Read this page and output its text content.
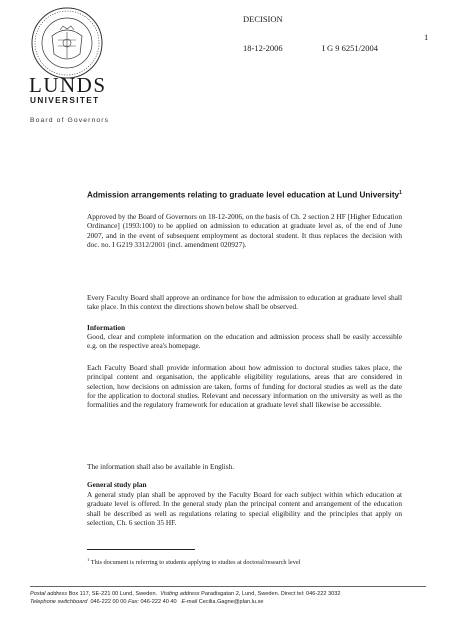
LUNDS
UNIVERSITET
DECISION
1
18-12-2006	I G 9 6251/2004
Board of Governors
Admission arrangements relating to graduate level education at Lund University$^1$

Approved by the Board of Governors on 18-12-2006, on the basis of Ch. 2 section 2 HF [Higher Education Ordinance] (1993:100) to be applied on admission to education at graduate level as, of the end of June 2007, and in the event of subsequent employment as doctoral student. It thus replaces the decision with doc. no. I G219 3312/2001 (incl. amendment 020927).

Every Faculty Board shall approve an ordinance for how the admission to education at graduate level shall take place. In this context the directions shown below shall be observed.

Information

Good, clear and complete information on the education and admission process shall be easily accessible e.g. on the respective area's homepage.

Each Faculty Board shall provide information about how admission to doctoral studies takes place, the principal content and organisation, the applicable eligibility regulations, areas that are considered in selection, how decisions on admission are taken, forms of funding for doctoral studies as well as the date for the application to doctoral studies. Relevant and necessary information on the university as well as the formalities and the regulatory framework for education at graduate level shall likewise be accessible.

The information shall also be available in English.

General study plan

A general study plan shall be approved by the Faculty Board for each subject within which education at graduate level is offered. In the general study plan the principal content and arrangement of the education shall be described as well as regulations relating to special eligibility and the principles that apply on selection, Ch. 6 section 35 HF.

$^1$ This document is referring to students applying to studies at doctoral/research level
Postal address Box 117, SE-221 00 Lund, Sweden. Visiting address Paradisgatan 2, Lund, Sweden. Direct tel: 046-222 3032
Telephone switchboard 046-222 00 00 Fax: 046-222 40 40 E-mail Cecilia.Gagne@plan.lu.se
